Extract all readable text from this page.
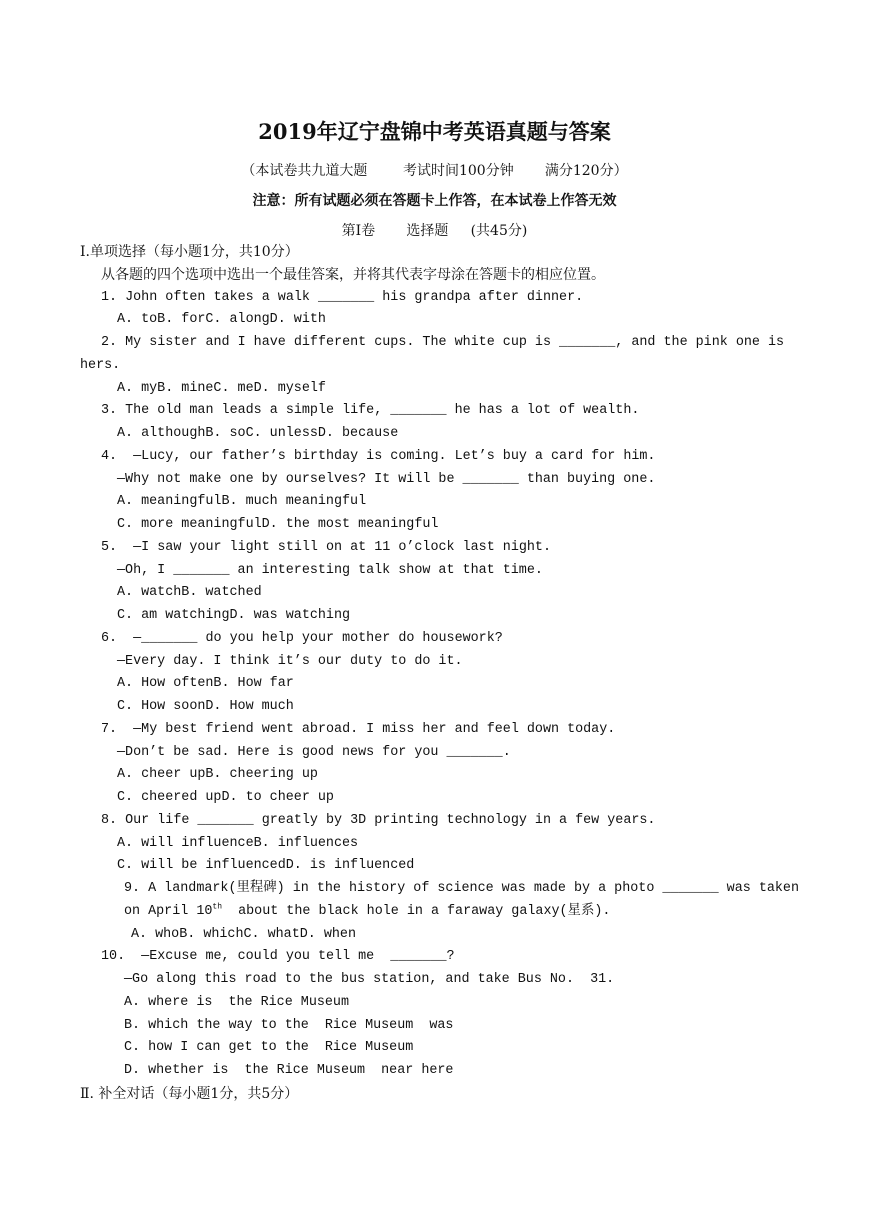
2019年辽宁盘锦中考英语真题与答案
（本试卷共九道大题        考试时间100分钟       满分120分）
注意：所有试题必须在答题卡上作答，在本试卷上作答无效
第Ⅰ卷       选择题     (共45分)
Ⅰ.单项选择（每小题1分，共10分）
从各题的四个选项中选出一个最佳答案，并将其代表字母涂在答题卡的相应位置。
1. John often takes a walk _______ his grandpa after dinner.
A. toB. forC. alongD. with
2. My sister and I have different cups. The white cup is _______, and the pink one is
hers.
A. myB. mineC. meD. myself
3. The old man leads a simple life, _______ he has a lot of wealth.
A. althoughB. soC. unlessD. because
4.  —Lucy, our father’s birthday is coming. Let’s buy a card for him.
—Why not make one by ourselves? It will be _______ than buying one.
A. meaningfulB. much meaningful
C. more meaningfulD. the most meaningful
5.  —I saw your light still on at 11 o’clock last night.
—Oh, I _______ an interesting talk show at that time.
A. watchB. watched
C. am watchingD. was watching
6.  —_______ do you help your mother do housework?
—Every day. I think it’s our duty to do it.
A. How oftenB. How far
C. How soonD. How much
7.  —My best friend went abroad. I miss her and feel down today.
—Don’t be sad. Here is good news for you _______.
A. cheer upB. cheering up
C. cheered upD. to cheer up
8. Our life _______ greatly by 3D printing technology in a few years.
A. will influenceB. influences
C. will be influencedD. is influenced
9. A landmark(里程碑) in the history of science was made by a photo _______ was taken
on April 10th  about the black hole in a faraway galaxy(星系).
A. whoB. whichC. whatD. when
10.  —Excuse me, could you tell me  _______?
—Go along this road to the bus station, and take Bus No.  31.
A. where is  the Rice Museum
B. which the way to the  Rice Museum  was
C. how I can get to the  Rice Museum
D. whether is  the Rice Museum  near here
Ⅱ. 补全对话（每小题1分，共5分）
